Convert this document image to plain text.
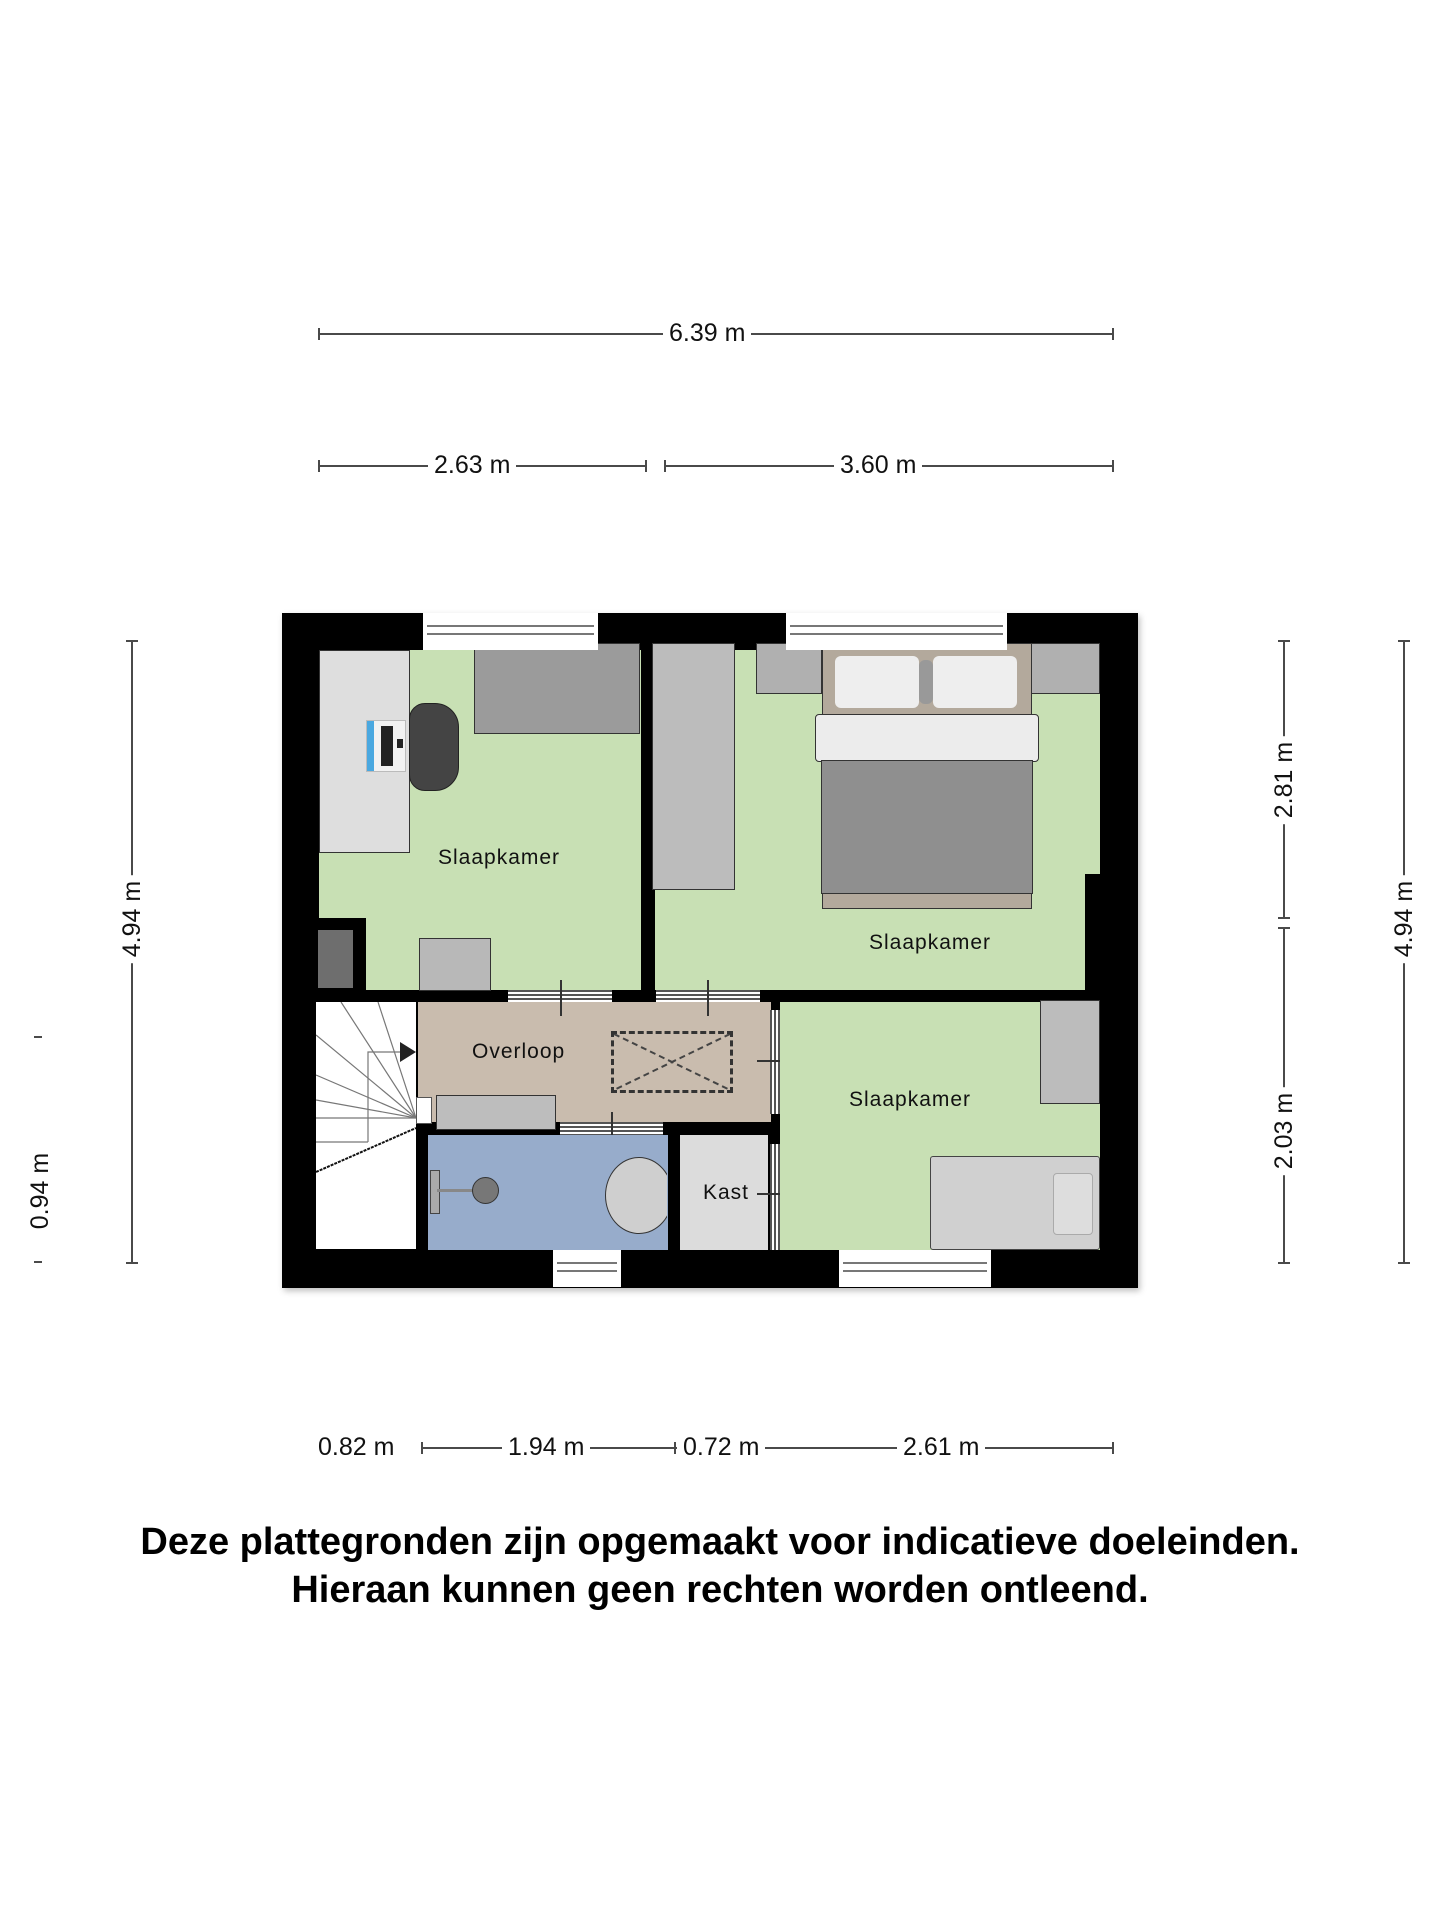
6.39 m
2.63 m	3.60 m
4.94 m
0.94 m
2.81 m
2.03 m
4.94 m
0.82 m	1.94 m	0.72 m	2.61 m
Slaapkamer
Slaapkamer
Overloop
Kast
Slaapkamer
Deze plattegronden zijn opgemaakt voor indicatieve doeleinden.
Hieraan kunnen geen rechten worden ontleend.
